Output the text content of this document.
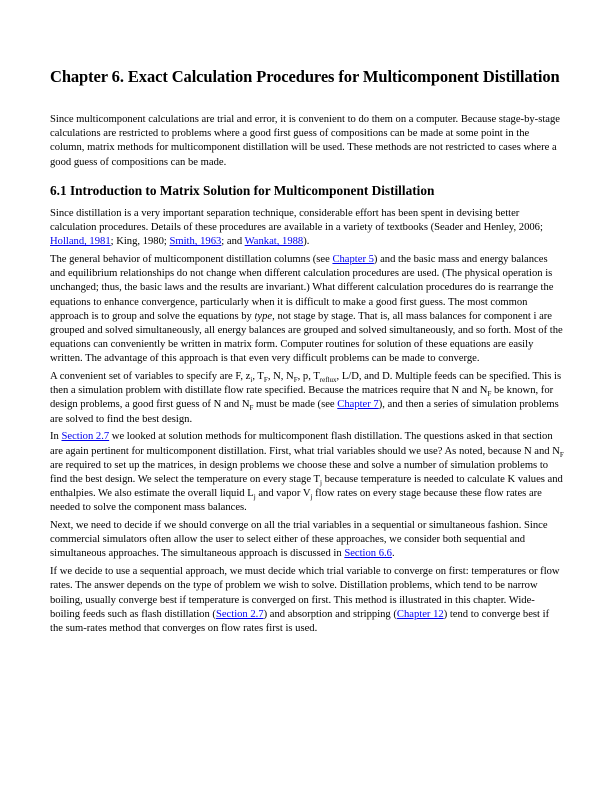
Chapter 6. Exact Calculation Procedures for Multicomponent Distillation

Since multicomponent calculations are trial and error, it is convenient to do them on a computer. Because stage-by-stage calculations are restricted to problems where a good first guess of compositions can be made at some point in the column, matrix methods for multicomponent distillation will be used. These methods are not restricted to cases where a good guess of compositions can be made.

6.1 Introduction to Matrix Solution for Multicomponent Distillation

Since distillation is a very important separation technique, considerable effort has been spent in devising better calculation procedures. Details of these procedures are available in a variety of textbooks (Seader and Henley, 2006; Holland, 1981; King, 1980; Smith, 1963; and Wankat, 1988).

The general behavior of multicomponent distillation columns (see Chapter 5) and the basic mass and energy balances and equilibrium relationships do not change when different calculation procedures are used. (The physical operation is unchanged; thus, the basic laws and the results are invariant.) What different calculation procedures do is rearrange the equations to enhance convergence, particularly when it is difficult to make a good first guess. The most common approach is to group and solve the equations by type, not stage by stage. That is, all mass balances for component i are grouped and solved simultaneously, all energy balances are grouped and solved simultaneously, and so forth. Most of the equations can conveniently be written in matrix form. Computer routines for solution of these equations are easily written. The advantage of this approach is that even very difficult problems can be made to converge.

A convenient set of variables to specify are F, $z_i$, $T_F$, N, $N_F$, p, $T_{reflux}$, L/D, and D. Multiple feeds can be specified. This is then a simulation problem with distillate flow rate specified. Because the matrices require that N and $N_F$ be known, for design problems, a good first guess of N and $N_F$ must be made (see Chapter 7), and then a series of simulation problems are solved to find the best design.

In Section 2.7 we looked at solution methods for multicomponent flash distillation. The questions asked in that section are again pertinent for multicomponent distillation. First, what trial variables should we use? As noted, because N and $N_F$ are required to set up the matrices, in design problems we choose these and solve a number of simulation problems to find the best design. We select the temperature on every stage $T_j$ because temperature is needed to calculate K values and enthalpies. We also estimate the overall liquid $L_j$ and vapor $V_j$ flow rates on every stage because these flow rates are needed to solve the component mass balances.

Next, we need to decide if we should converge on all the trial variables in a sequential or simultaneous fashion. Since commercial simulators often allow the user to select either of these approaches, we consider both sequential and simultaneous approaches. The simultaneous approach is discussed in Section 6.6.

If we decide to use a sequential approach, we must decide which trial variable to converge on first: temperatures or flow rates. The answer depends on the type of problem we wish to solve. Distillation problems, which tend to be narrow boiling, usually converge best if temperature is converged on first. This method is illustrated in this chapter. Wide-boiling feeds such as flash distillation (Section 2.7) and absorption and stripping (Chapter 12) tend to converge best if the sum-rates method that converges on flow rates first is used.
